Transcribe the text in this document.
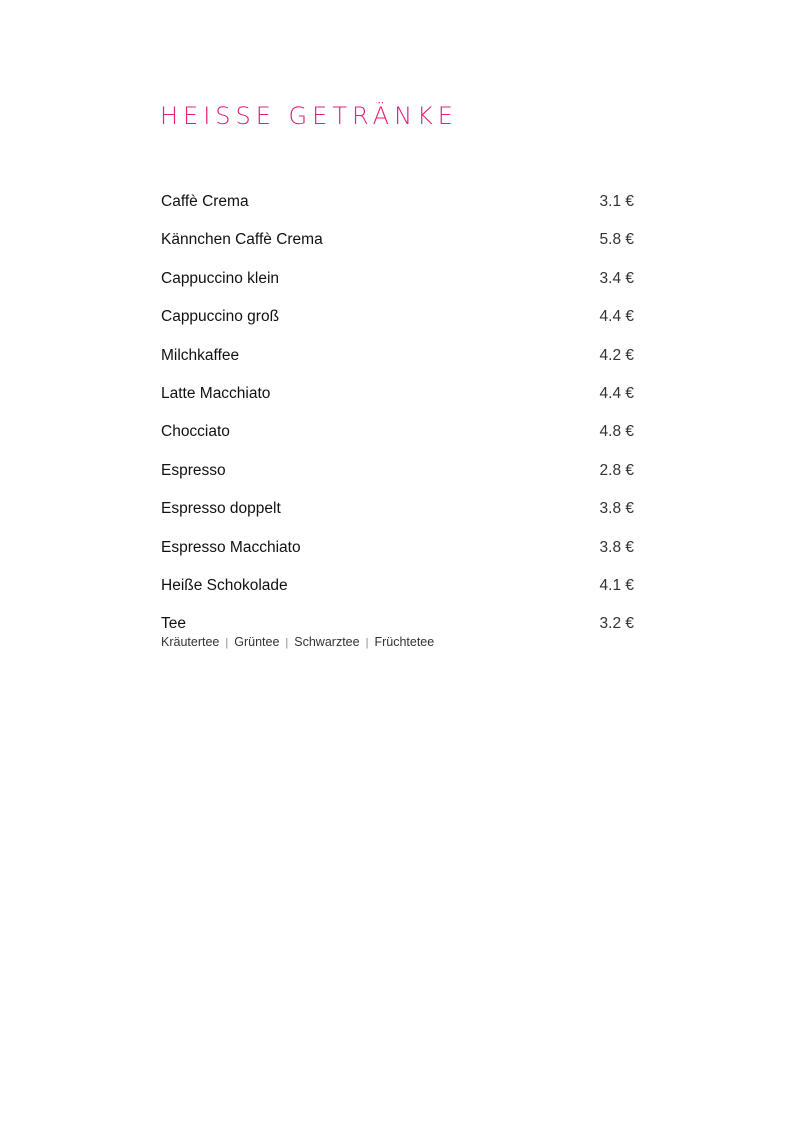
HEISSE GETRÄNKE
Caffè Crema	3.1 €
Kännchen Caffè Crema	5.8 €
Cappuccino klein	3.4 €
Cappuccino groß	4.4 €
Milchkaffee	4.2 €
Latte Macchiato	4.4 €
Chocciato	4.8 €
Espresso	2.8 €
Espresso doppelt	3.8 €
Espresso Macchiato	3.8 €
Heiße Schokolade	4.1 €
Tee	3.2 €
Kräutertee | Grüntee | Schwarztee | Früchtetee
